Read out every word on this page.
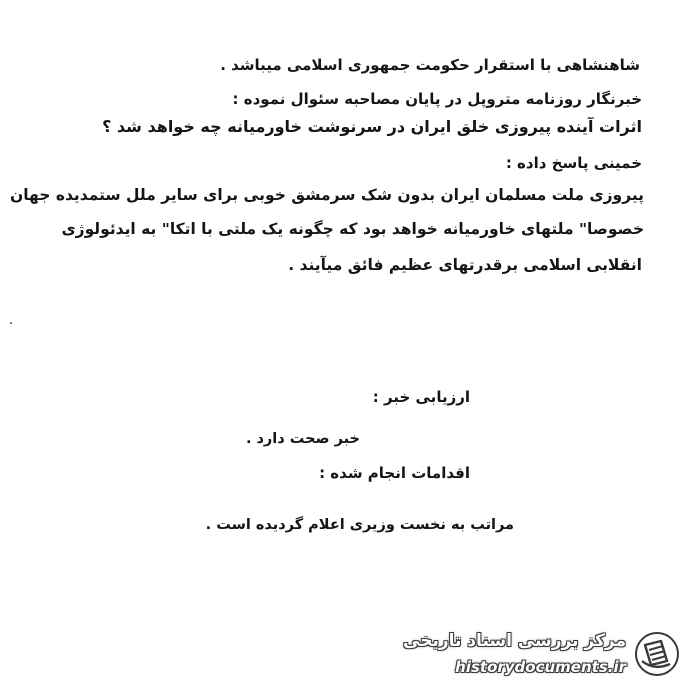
شاهنشاهی با استقرار حکومت جمهوری اسلامی میباشد .
خبرنگار روزنامه متروپل در پایان مصاحبه سئوال نموده :
اثرات آینده پیروزی خلق ایران در سرنوشت خاورمیانه چه خواهد شد ؟
خمینی پاسخ داده :
پیروزی ملت مسلمان ایران بدون شک سرمشق خوبی برای سایر ملل ستمدیده جهان
خصوصا" ملتهای خاورمیانه خواهد بود که چگونه یک ملتی با اتکا" به ایدئولوژی
انقلابی اسلامی برقدرتهای عظیم فائق میآیند .
ارزیابی خبر :
خبر صحت دارد .
اقدامات انجام شده :
مراتب به نخست وزیری اعلام گردیده است .
مرکز بررسی اسناد تاریخی
historydocuments.ir
